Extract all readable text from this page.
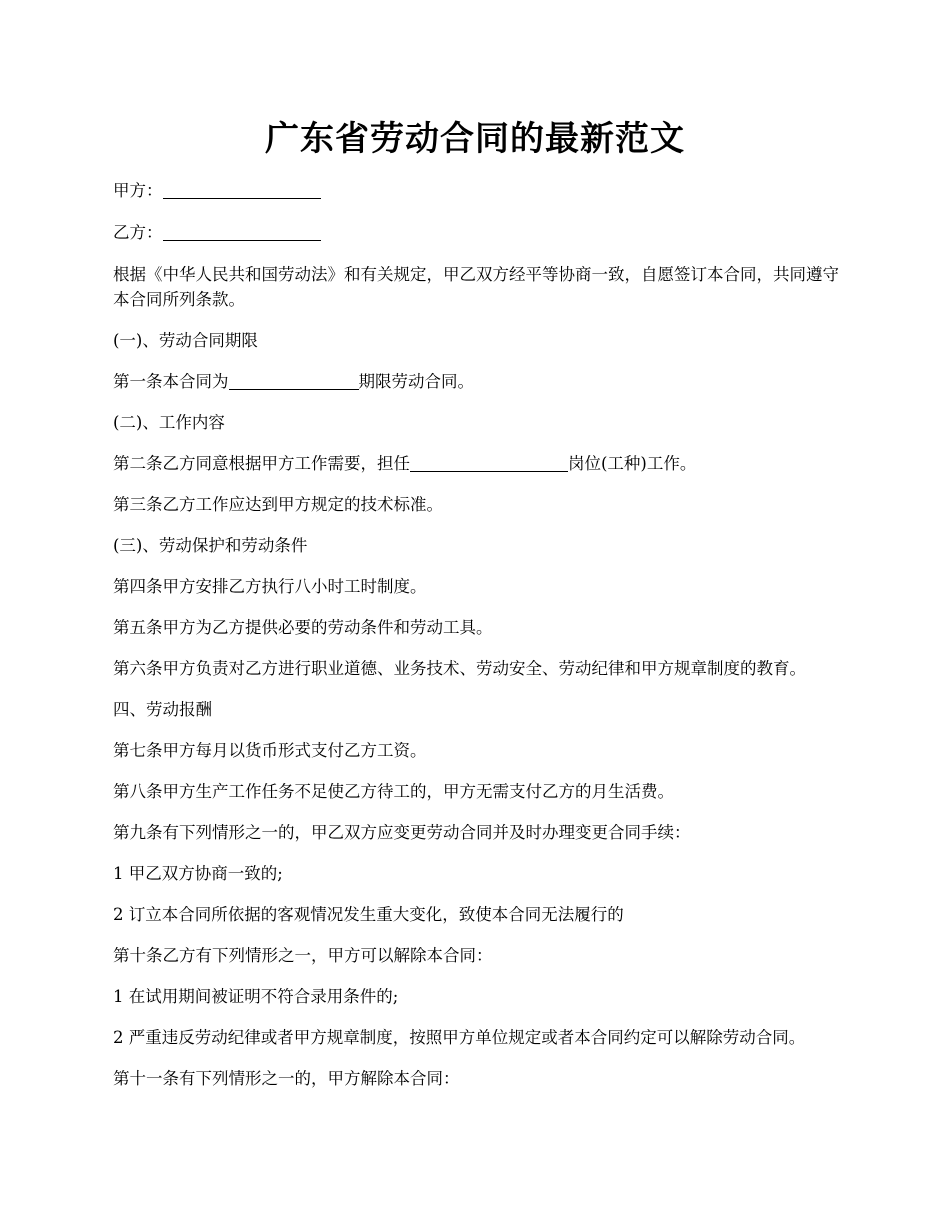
广东省劳动合同的最新范文

甲方：

乙方：

根据《中华人民共和国劳动法》和有关规定，甲乙双方经平等协商一致，自愿签订本合同，共同遵守本合同所列条款。

(一)、劳动合同期限

第一条本合同为	期限劳动合同。

(二)、工作内容

第二条乙方同意根据甲方工作需要，担任	岗位(工种)工作。

第三条乙方工作应达到甲方规定的技术标准。

(三)、劳动保护和劳动条件

第四条甲方安排乙方执行八小时工时制度。

第五条甲方为乙方提供必要的劳动条件和劳动工具。

第六条甲方负责对乙方进行职业道德、业务技术、劳动安全、劳动纪律和甲方规章制度的教育。

四、劳动报酬

第七条甲方每月以货币形式支付乙方工资。

第八条甲方生产工作任务不足使乙方待工的，甲方无需支付乙方的月生活费。

第九条有下列情形之一的，甲乙双方应变更劳动合同并及时办理变更合同手续：

1 甲乙双方协商一致的;

2 订立本合同所依据的客观情况发生重大变化，致使本合同无法履行的

第十条乙方有下列情形之一，甲方可以解除本合同：

1 在试用期间被证明不符合录用条件的;

2 严重违反劳动纪律或者甲方规章制度，按照甲方单位规定或者本合同约定可以解除劳动合同。

第十一条有下列情形之一的，甲方解除本合同：
